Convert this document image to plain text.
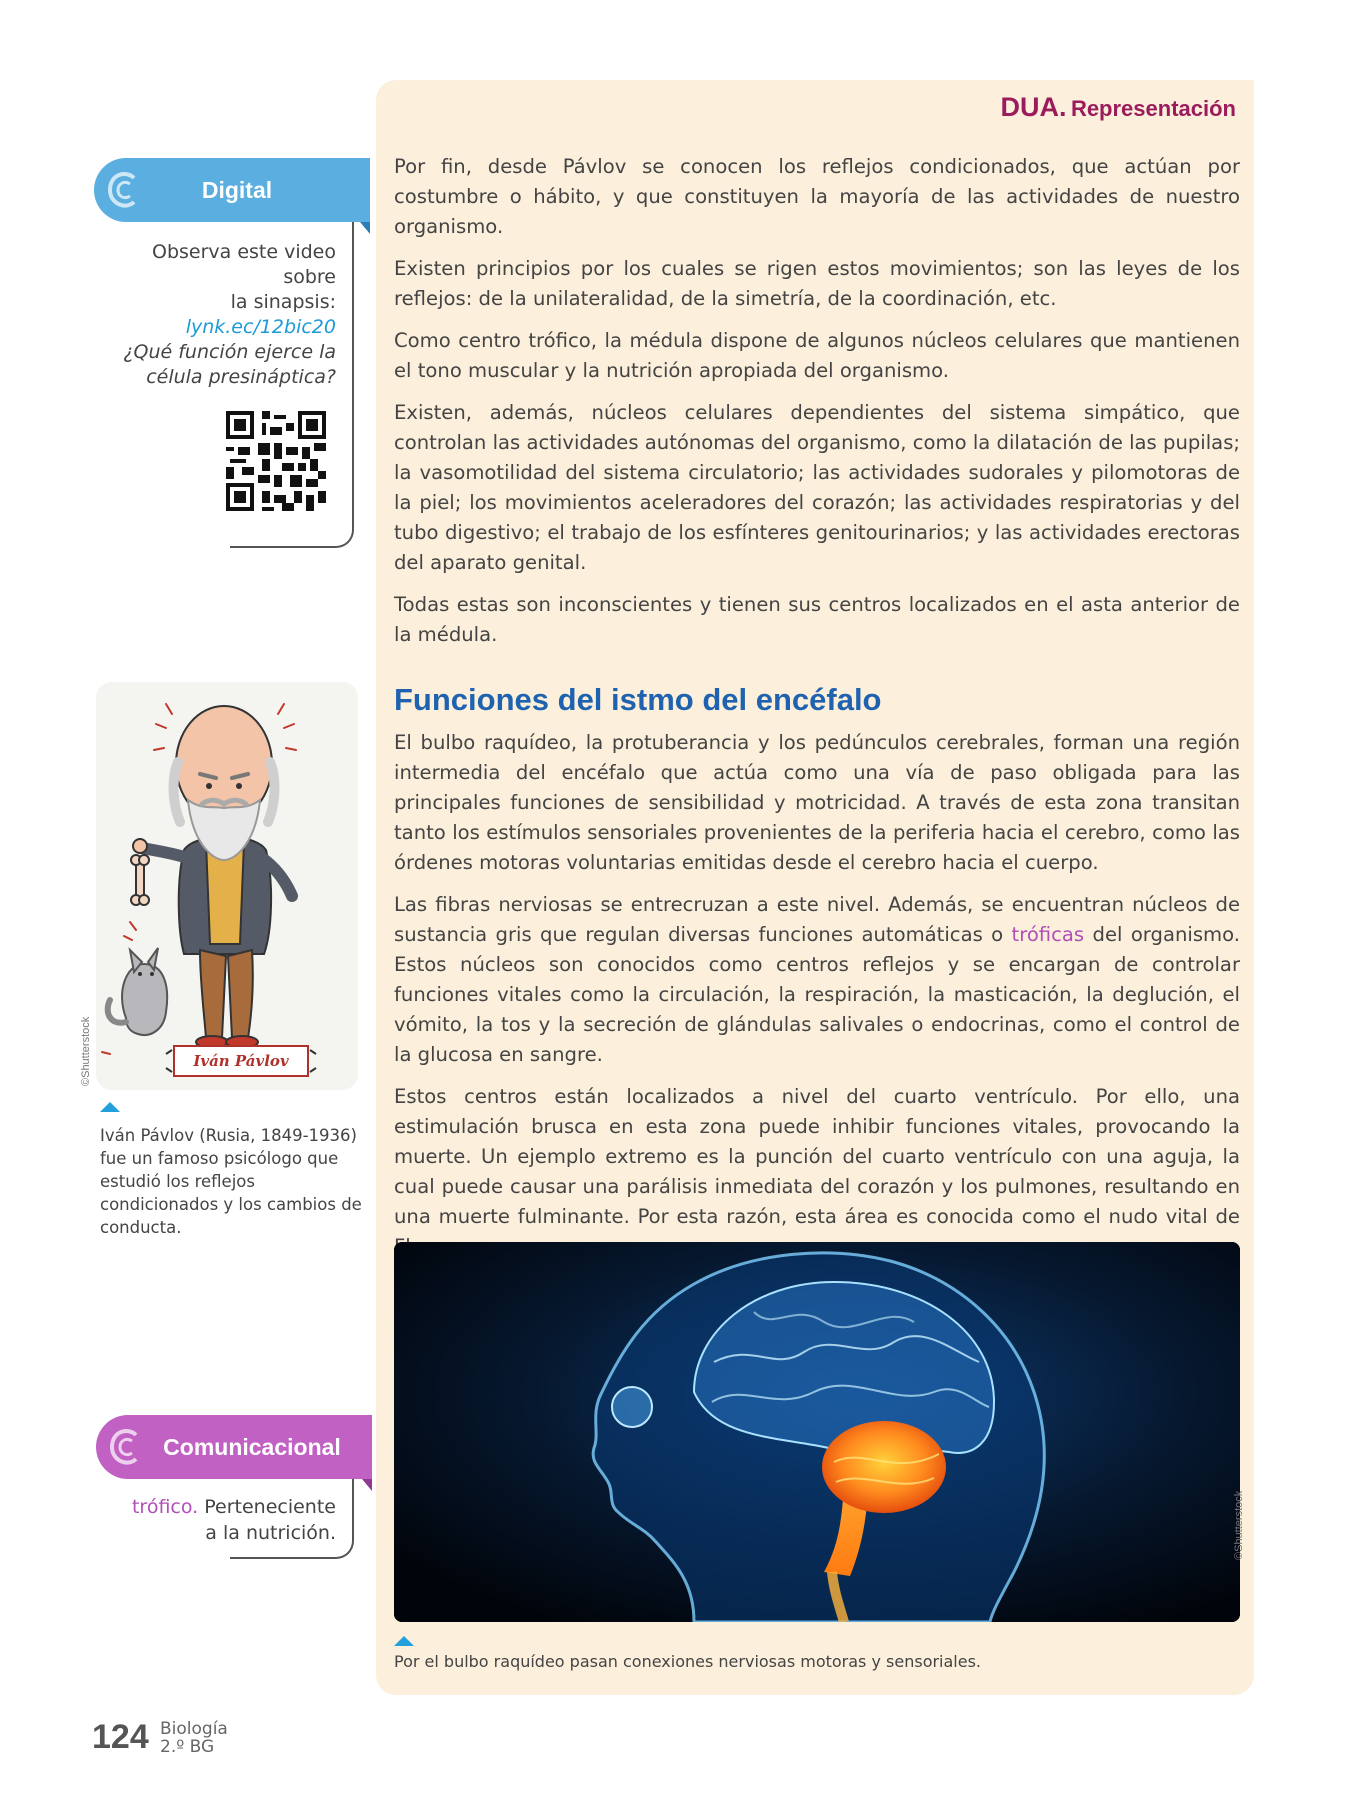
DUA. Representación

Por fin, desde Pávlov se conocen los reflejos condicionados, que actúan por costumbre o hábito, y que constituyen la mayoría de las actividades de nuestro organismo.

Existen principios por los cuales se rigen estos movimientos; son las leyes de los reflejos: de la unilateralidad, de la simetría, de la coordinación, etc.

Como centro trófico, la médula dispone de algunos núcleos celulares que mantienen el tono muscular y la nutrición apropiada del organismo.

Existen, además, núcleos celulares dependientes del sistema simpático, que controlan las actividades autónomas del organismo, como la dilatación de las pupilas; la vasomotilidad del sistema circulatorio; las actividades sudorales y pilomotoras de la piel; los movimientos aceleradores del corazón; las actividades respiratorias y del tubo digestivo; el trabajo de los esfínteres genitourinarios; y las actividades erectoras del aparato genital.

Todas estas son inconscientes y tienen sus centros localizados en el asta anterior de la médula.

Funciones del istmo del encéfalo

El bulbo raquídeo, la protuberancia y los pedúnculos cerebrales, forman una región intermedia del encéfalo que actúa como una vía de paso obligada para las principales funciones de sensibilidad y motricidad. A través de esta zona transitan tanto los estímulos sensoriales provenientes de la periferia hacia el cerebro, como las órdenes motoras voluntarias emitidas desde el cerebro hacia el cuerpo.

Las fibras nerviosas se entrecruzan a este nivel. Además, se encuentran núcleos de sustancia gris que regulan diversas funciones automáticas o tróficas del organismo. Estos núcleos son conocidos como centros reflejos y se encargan de controlar funciones vitales como la circulación, la respiración, la masticación, la deglución, el vómito, la tos y la secreción de glándulas salivales o endocrinas, como el control de la glucosa en sangre.

Estos centros están localizados a nivel del cuarto ventrículo. Por ello, una estimulación brusca en esta zona puede inhibir funciones vitales, provocando la muerte. Un ejemplo extremo es la punción del cuarto ventrículo con una aguja, la cual puede causar una parálisis inmediata del corazón y los pulmones, resultando en una muerte fulminante. Por esta razón, esta área es conocida como el nudo vital de

©Shutterstock
Por el bulbo raquídeo pasan conexiones nerviosas motoras y sensoriales.
Digital
Observa este video sobre
la sinapsis:
lynk.ec/12bic20
¿Qué función ejerce la
célula presináptica?
Iván Pávlov
©Shutterstock
Iván Pávlov (Rusia, 1849-1936) fue un famoso psicólogo que estudió los reflejos condicionados y los cambios de conducta.
Comunicacional
trófico. Perteneciente
a la nutrición.
124 Biología
2.º BG
